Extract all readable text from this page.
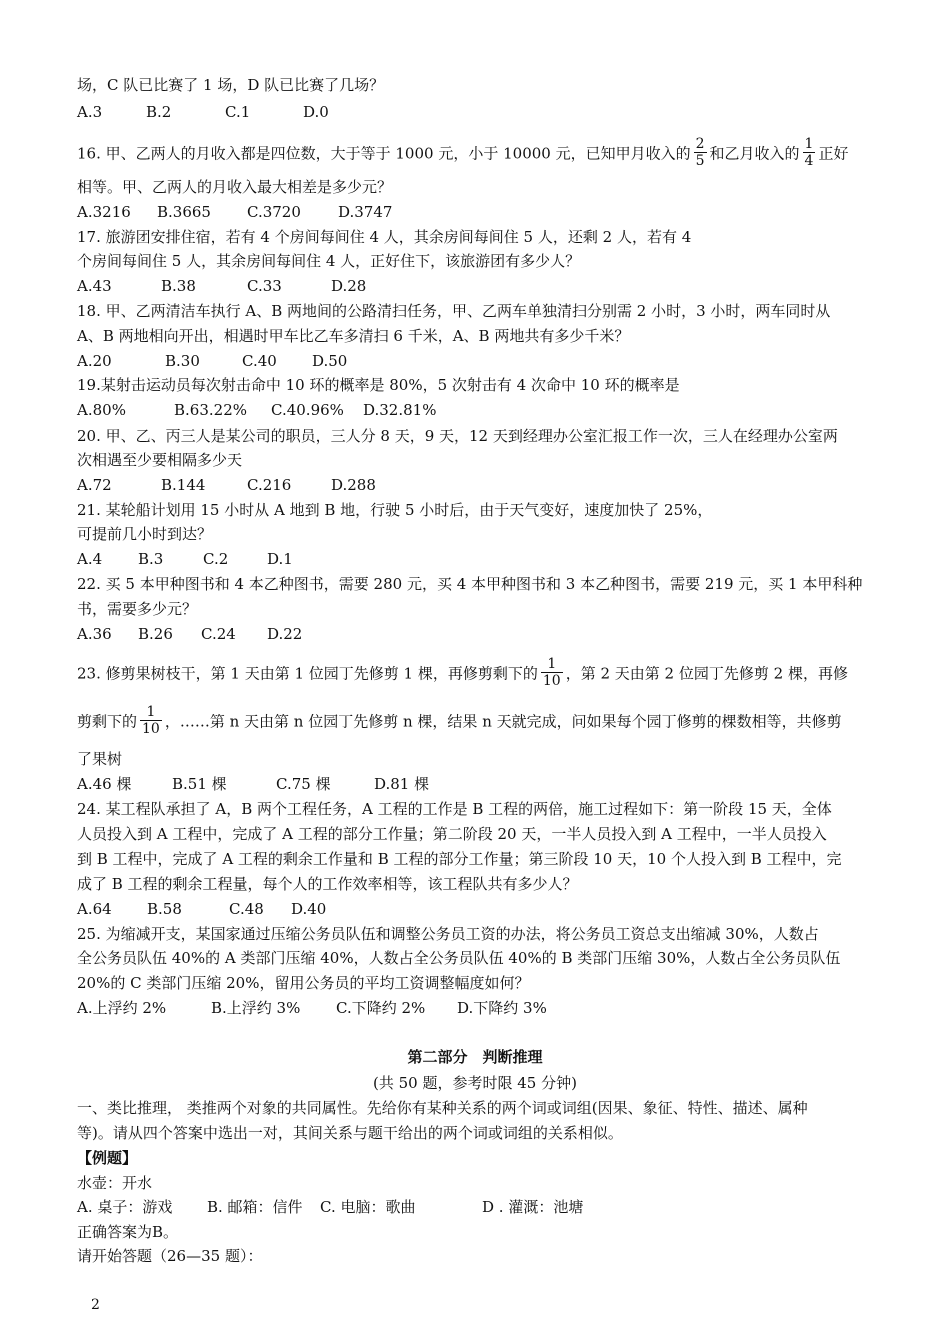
场，C 队已比赛了 1 场，D 队已比赛了几场？
A.3	B.2	C.1	D.0
16. 甲、乙两人的月收入都是四位数，大于等于 1000 元，小于 10000 元，已知甲月收入的 $\frac{2}{5}$ 和乙月收入的 $\frac{1}{4}$ 正好
相等。甲、乙两人的月收入最大相差是多少元？
A.3216 B.3665 C.3720 D.3747
17. 旅游团安排住宿，若有 4 个房间每间住 4 人，其余房间每间住 5 人，还剩 2 人，若有 4
个房间每间住 5 人，其余房间每间住 4 人，正好住下，该旅游团有多少人？
A.43	B.38	C.33	D.28
18. 甲、乙两清洁车执行 A、B 两地间的公路清扫任务，甲、乙两车单独清扫分别需 2 小时，3 小时，两车同时从
A、B 两地相向开出，相遇时甲车比乙车多清扫 6 千米，A、B 两地共有多少千米？
A.20	B.30	C.40 D.50
19.某射击运动员每次射击命中 10 环的概率是 80%，5 次射击有 4 次命中 10 环的概率是
A.80%	B.63.22% C.40.96% D.32.81%
20. 甲、乙、丙三人是某公司的职员，三人分 8 天，9 天，12 天到经理办公室汇报工作一次，三人在经理办公室两
次相遇至少要相隔多少天
A.72	B.144	C.216	D.288
21. 某轮船计划用 15 小时从 A 地到 B 地，行驶 5 小时后，由于天气变好，速度加快了 25%，
可提前几小时到达？
A.4 B.3	C.2	D.1
22. 买 5 本甲种图书和 4 本乙种图书，需要 280 元，买 4 本甲种图书和 3 本乙种图书，需要 219 元，买 1 本甲科种
书，需要多少元？
A.36 B.26 C.24 D.22
23. 修剪果树枝干，第 1 天由第 1 位园丁先修剪 1 棵，再修剪剩下的 $\frac{1}{10}$ ，第 2 天由第 2 位园丁先修剪 2 棵，再修
剪剩下的 $\frac{1}{10}$ ，……第 n 天由第 n 位园丁先修剪 n 棵，结果 n 天就完成，问如果每个园丁修剪的棵数相等，共修剪
了果树
A.46 棵	B.51 棵	C.75 棵	D.81 棵
24. 某工程队承担了 A，B 两个工程任务，A 工程的工作是 B 工程的两倍，施工过程如下：第一阶段 15 天，全体
人员投入到 A 工程中，完成了 A 工程的部分工作量；第二阶段 20 天，一半人员投入到 A 工程中，一半人员投入
到 B 工程中，完成了 A 工程的剩余工作量和 B 工程的部分工作量；第三阶段 10 天，10 个人投入到 B 工程中，完
成了 B 工程的剩余工程量，每个人的工作效率相等，该工程队共有多少人？
A.64 B.58	C.48 D.40
25. 为缩减开支，某国家通过压缩公务员队伍和调整公务员工资的办法，将公务员工资总支出缩减 30%，人数占
全公务员队伍 40%的 A 类部门压缩 40%，人数占全公务员队伍 40%的 B 类部门压缩 30%，人数占全公务员队伍
20%的 C 类部门压缩 20%，留用公务员的平均工资调整幅度如何？
A.上浮约 2%	B.上浮约 3% C.下降约 2% D.下降约 3%
第二部分　判断推理
(共 50 题，参考时限 45 分钟)
一、类比推理， 类推两个对象的共同属性。先给你有某种关系的两个词或词组(因果、象征、特性、描述、属种
等)。请从四个答案中选出一对，其间关系与题干给出的两个词或词组的关系相似。
【例题】
水壶：开水
A. 桌子：游戏 B. 邮箱：信件 C. 电脑：歌曲	D . 灌溉：池塘
正确答案为B。
请开始答题（26—35 题）：
2
